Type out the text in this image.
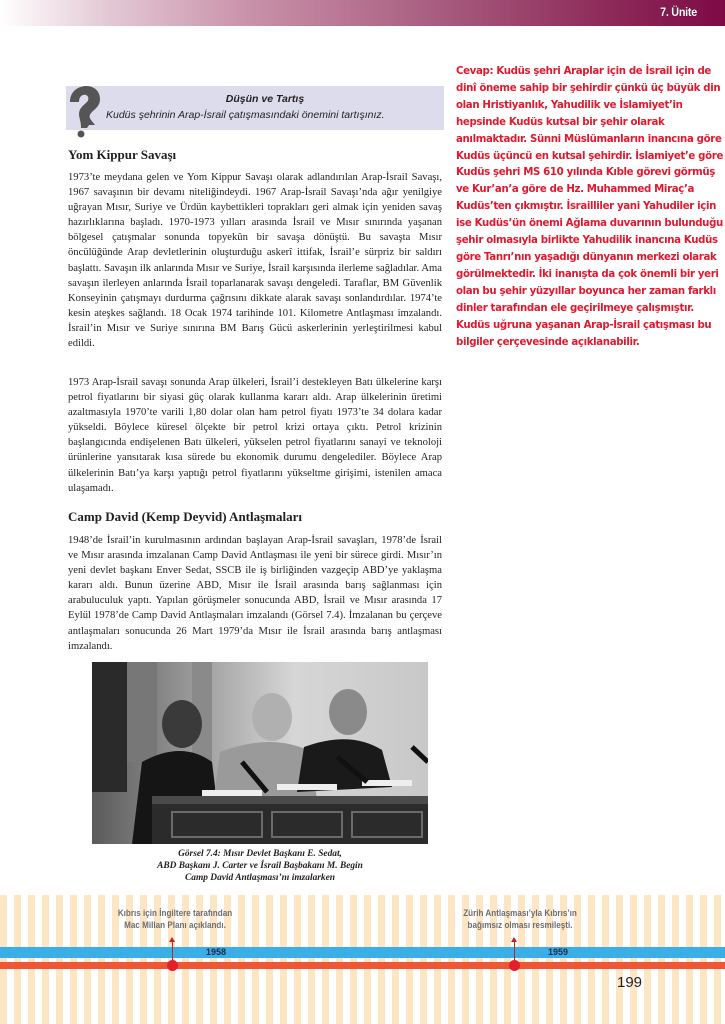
7. Ünite
Düşün ve Tartış
Kudüs şehrinin Arap-İsrail çatışmasındaki önemini tartışınız.
Yom Kippur Savaşı

1973’te meydana gelen ve Yom Kippur Savaşı olarak adlandırılan Arap-İsrail Savaşı, 1967 savaşının bir devamı niteliğindeydi. 1967 Arap-İsrail Savaşı’nda ağır yenilgiye uğrayan Mısır, Suriye ve Ürdün kaybettikleri toprakları geri almak için yeniden savaş hazırlıklarına başladı. 1970-1973 yılları arasında İsrail ve Mısır sınırında yaşanan bölgesel çatışmalar sonunda topyekûn bir savaşa dönüştü. Bu savaşta Mısır öncülüğünde Arap devletlerinin oluşturduğu askerî ittifak, İsrail’e sürpriz bir saldırı başlattı. Savaşın ilk anlarında Mısır ve Suriye, İsrail karşısında ilerleme sağladılar. Ama savaşın ilerleyen anlarında İsrail toparlanarak savaşı dengeledi. Taraflar, BM Güvenlik Konseyinin çatışmayı durdurma çağrısını dikkate alarak savaşı sonlandırdılar. 1974’te kesin ateşkes sağlandı. 18 Ocak 1974 tarihinde 101. Kilometre Antlaşması imzalandı. İsrail’in Mısır ve Suriye sınırına BM Barış Gücü askerlerinin yerleştirilmesi kabul edildi.

1973 Arap-İsrail savaşı sonunda Arap ülkeleri, İsrail’i destekleyen Batı ülkelerine karşı petrol fiyatlarını bir siyasi güç olarak kullanma kararı aldı. Arap ülkelerinin üretimi azaltmasıyla 1970’te varili 1,80 dolar olan ham petrol fiyatı 1973’te 34 dolara kadar yükseldi. Böylece küresel ölçekte bir petrol krizi ortaya çıktı. Petrol krizinin başlangıcında endişelenen Batı ülkeleri, yükselen petrol fiyatlarını sanayi ve teknoloji ürünlerine yansıtarak kısa sürede bu ekonomik durumu dengelediler. Böylece Arap ülkelerinin Batı’ya karşı yaptığı petrol fiyatlarını yükseltme girişimi, istenilen amaca ulaşamadı.

Camp David (Kemp Deyvid) Antlaşmaları

1948’de İsrail’in kurulmasının ardından başlayan Arap-İsrail savaşları, 1978’de İsrail ve Mısır arasında imzalanan Camp David Antlaşması ile yeni bir sürece girdi. Mısır’ın yeni devlet başkanı Enver Sedat, SSCB ile iş birliğinden vazgeçip ABD’ye yaklaşma kararı aldı. Bunun üzerine ABD, Mısır ile İsrail arasında barış sağlanması için arabuluculuk yaptı. Yapılan görüşmeler sonucunda ABD, İsrail ve Mısır arasında 17 Eylül 1978’de Camp David Antlaşmaları imzalandı (Görsel 7.4). İmzalanan bu çerçeve antlaşmaları sonucunda 26 Mart 1979’da Mısır ile İsrail arasında barış antlaşması imzalandı.

Cevap: Kudüs şehri Araplar için de İsrail için de dinî öneme sahip bir şehirdir çünkü üç büyük din olan Hristiyanlık, Yahudilik ve İslamiyet’in hepsinde Kudüs kutsal bir şehir olarak anılmaktadır. Sünni Müslümanların inancına göre Kudüs üçüncü en kutsal şehirdir. İslamiyet’e göre Kudüs şehri MS 610 yılında Kıble görevi görmüş ve Kur’an’a göre de Hz. Muhammed Miraç’a Kudüs’ten çıkmıştır. İsrailliler yani Yahudiler için ise Kudüs’ün önemi Ağlama duvarının bulunduğu şehir olmasıyla birlikte Yahudilik inancına Kudüs göre Tanrı’nın yaşadığı dünyanın merkezi olarak görülmektedir. İki inanışta da çok önemli bir yeri olan bu şehir yüzyıllar boyunca her zaman farklı dinler tarafından ele geçirilmeye çalışmıştır. Kudüs uğruna yaşanan Arap-İsrail çatışması bu bilgiler çerçevesinde açıklanabilir.
Görsel 7.4: Mısır Devlet Başkanı E. Sedat,
ABD Başkanı J. Carter ve İsrail Başbakanı M. Begin
Camp David Antlaşması’nı imzalarken
Kıbrıs için İngiltere tarafından
Mac Millan Planı açıklandı.
Zürih Antlaşması’yla Kıbrıs’ın
bağımsız olması resmileşti.
1958	1959
199
